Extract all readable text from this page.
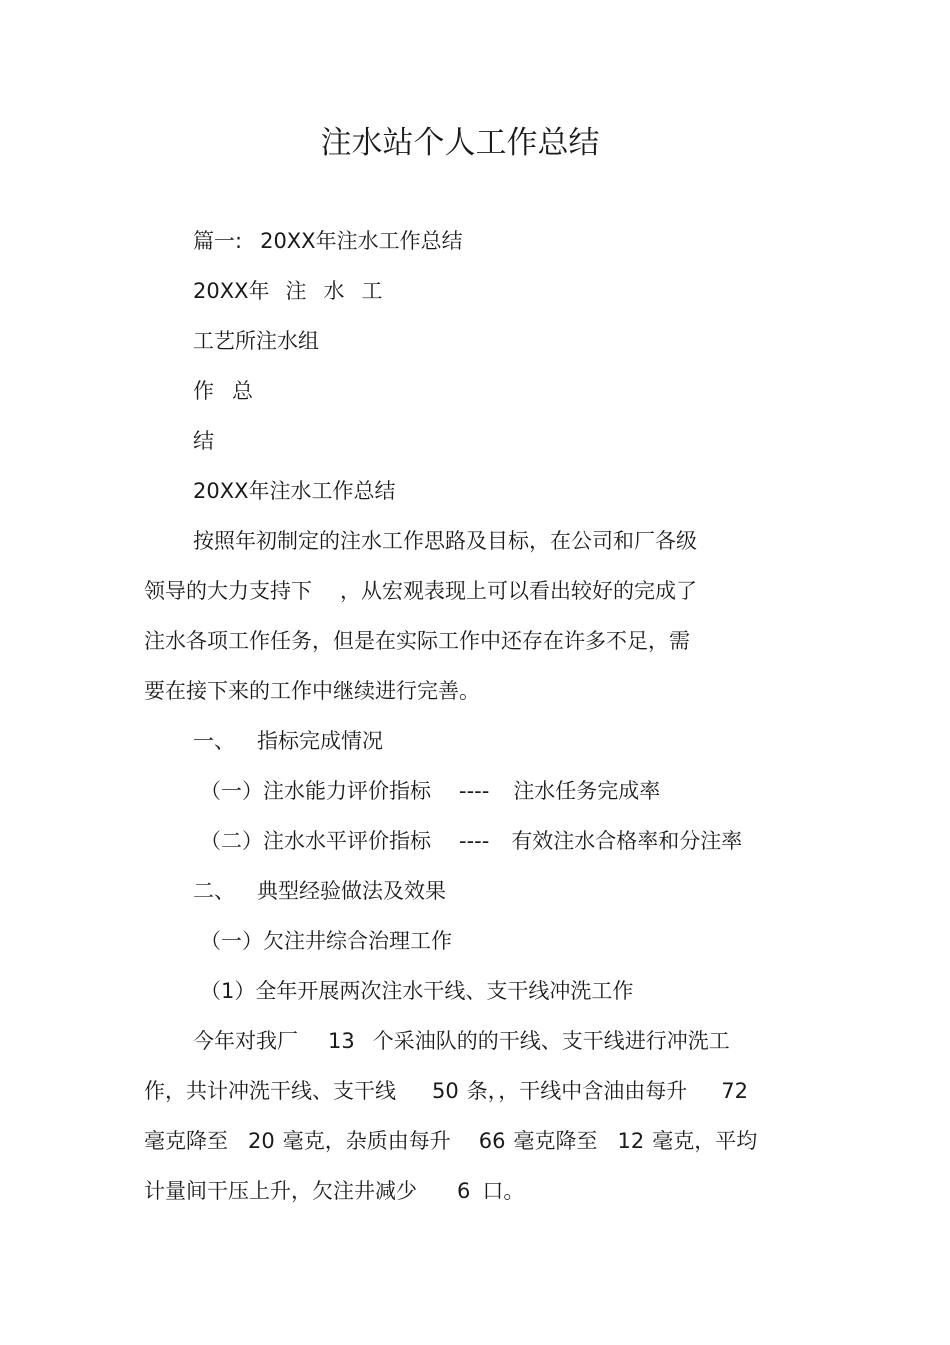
注水站个人工作总结
篇一: 20XX年注水工作总结
20XX年 注 水 工
工艺所注水组
作 总
结
20XX年注水工作总结
按照年初制定的注水工作思路及目标，在公司和厂各级
领导的大力支持下 ，从宏观表现上可以看出较好的完成了
注水各项工作任务，但是在实际工作中还存在许多不足，需
要在接下来的工作中继续进行完善。
一、 指标完成情况
（一）注水能力评价指标 ---- 注水任务完成率
（二）注水水平评价指标 ---- 有效注水合格率和分注率
二、 典型经验做法及效果
（一）欠注井综合治理工作
（1）全年开展两次注水干线、支干线冲洗工作
今年对我厂 13 个采油队的的干线、支干线进行冲洗工
作，共计冲洗干线、支干线 50 条，，干线中含油由每升 72
毫克降至 20 毫克，杂质由每升 66 毫克降至 12 毫克，平均
计量间干压上升，欠注井减少 6 口。
